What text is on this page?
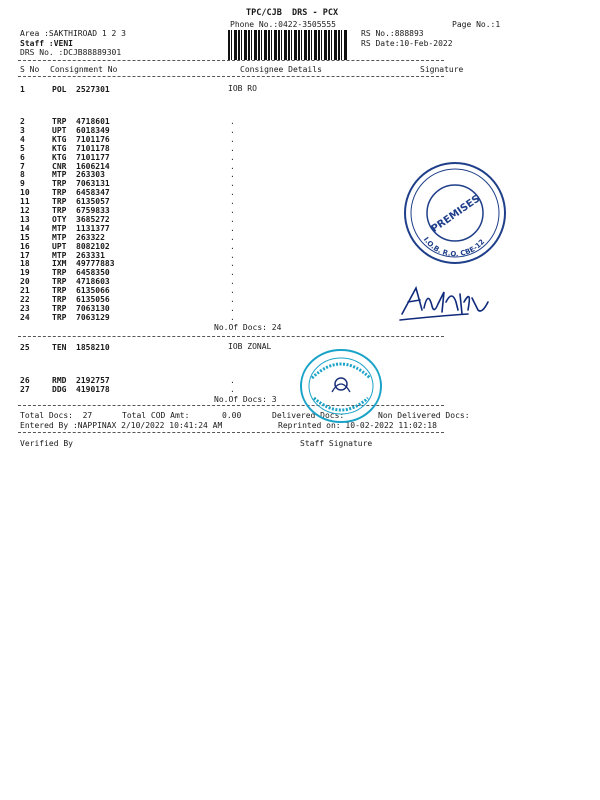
TPC/CJB  DRS - PCX
Phone No.:0422-3505555	Page No.:1
Area :SAKTHIROAD 1 2 3
Staff :VENI
DRS No. :DCJB88889301
RS No.:888893
RS Date:10-Feb-2022
S No Consignment No	Consignee Details	Signature
IOB RO
1	POL 2527301
2	TRP 4718601	.
3	UPT 6018349	.
4	KTG 7101176	.
5	KTG 7101178	.
6	KTG 7101177	.
7	CNR 1606214	.
8	MTP 263303	.
9	TRP 7063131	.
10	TRP 6458347	.
11	TRP 6135057	.
12	TRP 6759833	.
13	OTY 3685272	.
14	MTP 1131377	.
15	MTP 263322	.
16	UPT 8082102	.
17	MTP 263331	.
18	IXM 49777883	.
19	TRP 6458350	.
20	TRP 4718603	.
21	TRP 6135066	.
22	TRP 6135056	.
23	TRP 7063130	.
24	TRP 7063129	.
No.Of Docs: 24
IOB ZONAL
25	TEN 1858210
26	RMD 2192757	.
27	DDG 4190178	.
No.Of Docs: 3
Total Docs:  27	Total COD Amt:	0.00	Delivered Docs:	Non Delivered Docs:
Entered By :NAPPINAX 2/10/2022 10:41:24 AM	Reprinted on: 10-02-2022 11:02:18
Verified By	Staff Signature
PREMISES
I.O.B. R.O. CBE-12
